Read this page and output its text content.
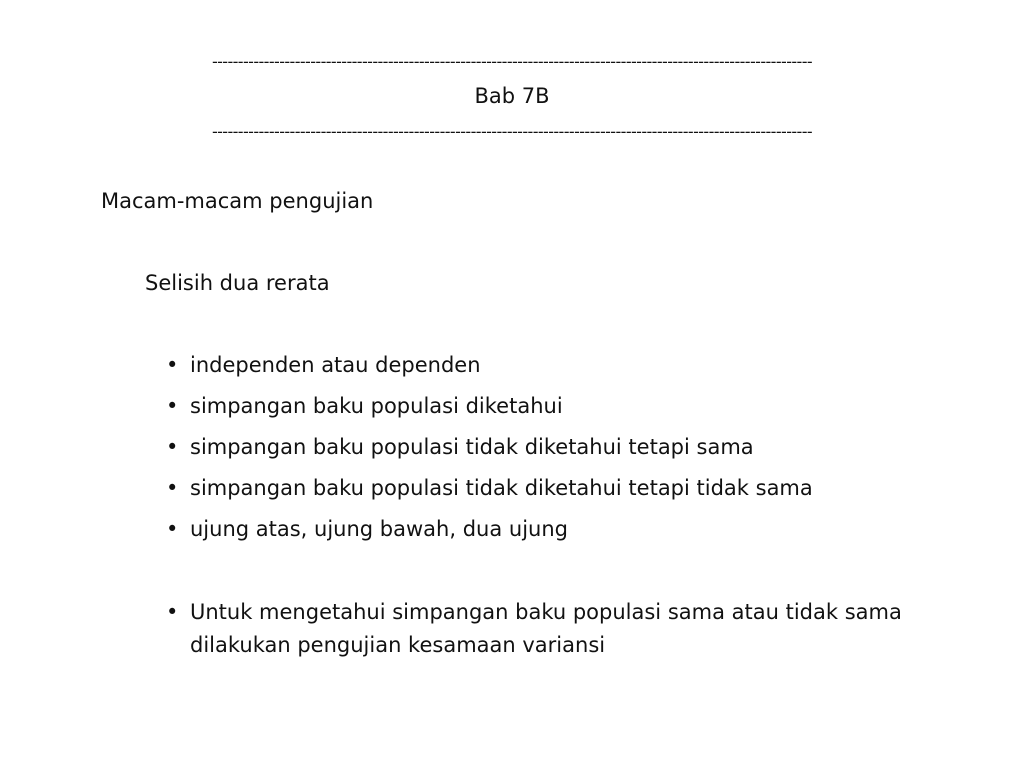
--------------------------------------------------------------------------------------------------------------------
Bab 7B
--------------------------------------------------------------------------------------------------------------------
Macam-macam pengujian
Selisih dua rerata
• independen atau dependen
• simpangan baku populasi diketahui
• simpangan baku populasi tidak diketahui tetapi sama
• simpangan baku populasi tidak diketahui tetapi tidak sama
• ujung atas, ujung bawah, dua ujung
• Untuk mengetahui simpangan baku populasi sama atau tidak sama dilakukan pengujian kesamaan variansi
